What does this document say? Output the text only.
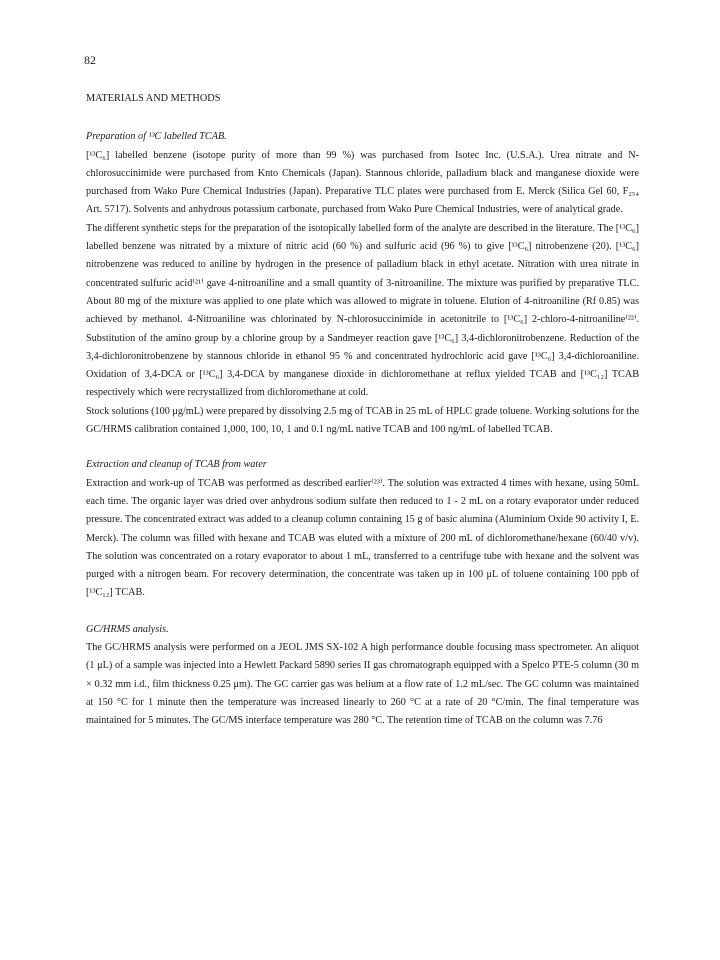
82

MATERIALS AND METHODS

Preparation of ¹³C labelled TCAB.

[¹³C₆] labelled benzene (isotope purity of more than 99 %) was purchased from Isotec Inc. (U.S.A.). Urea nitrate and N-chlorosuccinimide were purchased from Knto Chemicals (Japan). Stannous chloride, palladium black and manganese dioxide were purchased from Wako Pure Chemical Industries (Japan). Preparative TLC plates were purchased from E. Merck (Silica Gel 60, F₂₅₄ Art. 5717). Solvents and anhydrous potassium carbonate, purchased from Wako Pure Chemical Industries, were of analytical grade.

The different synthetic steps for the preparation of the isotopically labelled form of the analyte are described in the literature. The [¹³C₆] labelled benzene was nitrated by a mixture of nitric acid (60 %) and sulfuric acid (96 %) to give [¹³C₆] nitrobenzene (20). [¹³C₆] nitrobenzene was reduced to aniline by hydrogen in the presence of palladium black in ethyl acetate. Nitration with urea nitrate in concentrated sulfuric acid⁽²¹⁾ gave 4-nitroaniline and a small quantity of 3-nitroaniline. The mixture was purified by preparative TLC. About 80 mg of the mixture was applied to one plate which was allowed to migrate in toluene. Elution of 4-nitroaniline (Rf 0.85) was achieved by methanol. 4-Nitroaniline was chlorinated by N-chlorosuccinimide in acetonitrile to [¹³C₆] 2-chloro-4-nitroaniline⁽²²⁾. Substitution of the amino group by a chlorine group by a Sandmeyer reaction gave [¹³C₆] 3,4-dichloronitrobenzene. Reduction of the 3,4-dichloronitrobenzene by stannous chloride in ethanol 95 % and concentrated hydrochloric acid gave [¹³C₆] 3,4-dichloroaniline. Oxidation of 3,4-DCA or [¹³C₆] 3,4-DCA by manganese dioxide in dichloromethane at reflux yielded TCAB and [¹³C₁₂] TCAB respectively which were recrystallized from dichloromethane at cold.

Stock solutions (100 μg/mL) were prepared by dissolving 2.5 mg of TCAB in 25 mL of HPLC grade toluene. Working solutions for the GC/HRMS calibration contained 1,000, 100, 10, 1 and 0.1 ng/mL native TCAB and 100 ng/mL of labelled TCAB.

Extraction and cleanup of TCAB from water

Extraction and work-up of TCAB was performed as described earlier⁽²³⁾. The solution was extracted 4 times with hexane, using 50mL each time. The organic layer was dried over anhydrous sodium sulfate then reduced to 1 - 2 mL on a rotary evaporator under reduced pressure. The concentrated extract was added to a cleanup column containing 15 g of basic alumina (Aluminium Oxide 90 activity I, E. Merck). The column was filled with hexane and TCAB was eluted with a mixture of 200 mL of dichloromethane/hexane (60/40 v/v). The solution was concentrated on a rotary evaporator to about 1 mL, transferred to a centrifuge tube with hexane and the solvent was purged with a nitrogen beam. For recovery determination, the concentrate was taken up in 100 μL of toluene containing 100 ppb of [¹³C₁₂] TCAB.

GC/HRMS analysis.

The GC/HRMS analysis were performed on a JEOL JMS SX-102 A high performance double focusing mass spectrometer. An aliquot (1 μL) of a sample was injected into a Hewlett Packard 5890 series II gas chromatograph equipped with a Spelco PTE-5 column (30 m × 0.32 mm i.d., film thickness 0.25 μm). The GC carrier gas was helium at a flow rate of 1.2 mL/sec. The GC column was maintained at 150 °C for 1 minute then the temperature was increased linearly to 260 °C at a rate of 20 °C/min. The final temperature was maintained for 5 minutes. The GC/MS interface temperature was 280 °C. The retention time of TCAB on the column was 7.76
